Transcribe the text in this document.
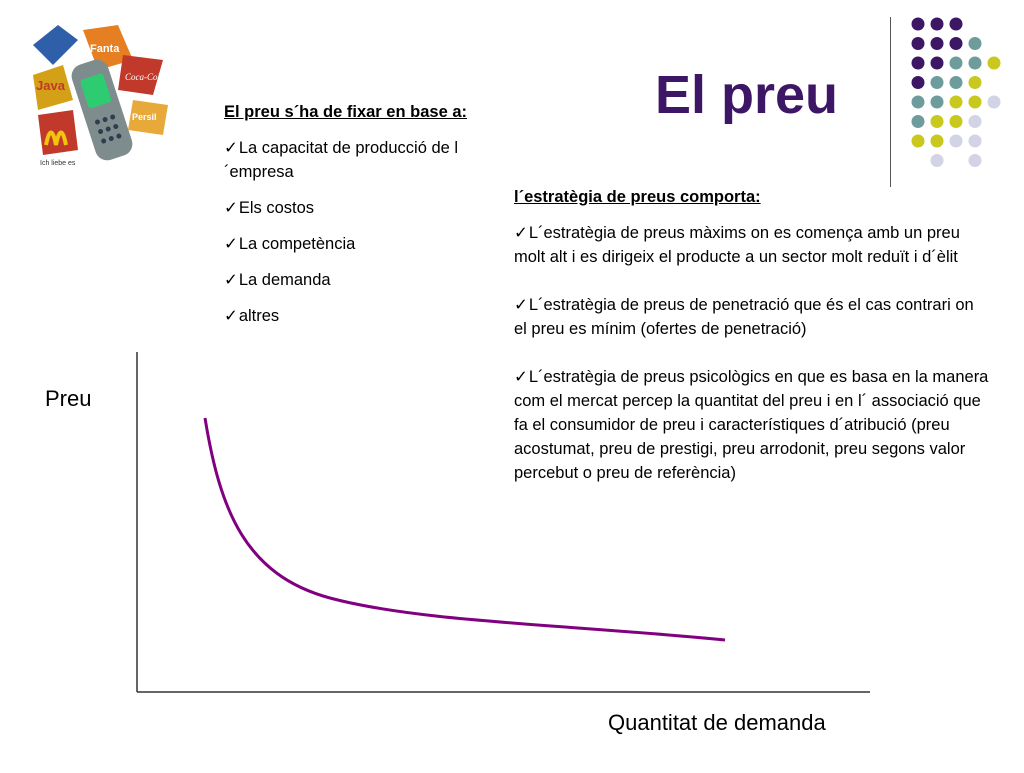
Java
Fanta
Coca-Cola
Persil
Ich liebe es
El preu
El preu s´ha de fixar en base a:
✓La capacitat de producció de l´empresa
✓Els costos
✓La competència
✓La demanda
✓altres
l´estratègia de preus comporta:
✓L´estratègia de preus màxims on es comença amb un preu molt alt i es dirigeix el producte a un sector molt reduït i d´èlit
✓L´estratègia de preus de penetració que és el cas contrari on el preu es mínim (ofertes de penetració)
✓L´estratègia de preus psicològics en que es basa en la manera com el mercat percep la quantitat del preu i en l´ associació que fa el consumidor de preu i característiques d´atribució (preu acostumat, preu de prestigi, preu arrodonit, preu segons valor percebut o preu de referència)
Preu
Quantitat de demanda
